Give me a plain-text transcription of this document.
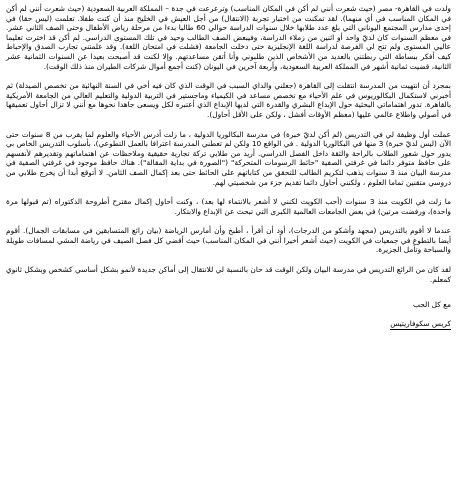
ولدت في القاهرة- مصر (حيث شعرت أنني لم أكن في المكان المناسب) وترعرعت في جدة – المملكة العربية السعودية (حيث شعرت أنني لم أكن في المكان المناسب في أي منهما). لقد تمكنت من اختبار تجربة (الانتقال) من أجل العيش في الخليج منذ أن كنت طفلا. تعلمت (ليس حقا) في إحدى مدارس المجتمع اليوناني التي بلغ عدد طلابها خلال سنوات الدراسة حوالي 60 طالبا بدءا من مرحلة رياض الأطفال وحتى الصف الثاني عشر. في معظم السنوات كان لديّ واحد أو اثنين من زملاء الدراسة، وفيبعض الصف الطالب وحيد في تلك المستوى الدراسي. لم أكن قد اخترت تعليما عاليي المستوى ولم تتح لي الفرصة لدراسة اللغة الإنجليزية حتى دخلت الجامعة (فشلت في امتحان اللغة). وقد علمتني تجارب الصدق والإحباط كيف أفكر ببساطة التي ربطتني بالعديد من الأشخاص الذين طلبوني وأنا أتقن مساعدتهم. وإلا لكنت قد أصبحت بعيدا عن السنوات الثمانية عشر الثانية، قضيت ثمانية أشهر في المملكة العربية السعودية، وأربعة آخرين في اليونان (كنت أجمع أموال شركات الطيران منذ ذلك الوقت).

بمجرد أن انتهيت من المدرسة انتقلت إلى القاهرة (جعلني والداي السبب في الوقت الذي كان فيه أخي في السنة النهائية من تخصص الصيدلة) ثم أخبرني لاستكمال البكالوريوس في علم الأحياء مع تخصص مساعد في الكيمياء وماجستير في التربية الدولية والتعليم العالي من الجامعة الأمريكية بالقاهرة. تدور اهتماماتي البحثية حول الإبداع البشري والقدرة التي لديها الإبداع الذي أعتبره لكل ويسعى جاهدا نحوها مع أنني لا تزال أحاول تعميقها في أصولي واطلاع عالمي عليها (معظم الأوقات أفشل ، ولكن على الأقل أحاول).

عملت أول وظيفة لي في التدريس (لم أكن لديّ خبرة) في مدرسة البكالوريا الدولية ، ما زلت أدرس الأحياء والعلوم لما يقرب من 8 سنوات حتى الآن (ليس لديّ خبرة) 3 منها في البكالوريا الدولية . في الواقع 10 ولكن لم تعطني المدرسة اعترافا بالعمل التطوعي)، بأسلوب التدريس الخاص بي يدور حول شعور الطلاب بالراحة والثقة داخل الفصل الدراسي. أريد من طلابي تركة تجارية حقيقية وملاحظات عن اهتماماتهم وتقديرهم لأنفسهم على حافظ متوفر دائما في غرفتي الصفية "حائط الرسومات المتحركة" ("الصورة في بداية المقالة"). هناك حافظ موجود في غرفتي الصفية في مدرسة البيان منذ 3 سنوات يذهب لتكريم الطالب للتحقق من كتاباتهم على الحائط حتى بعد إكمال الصف الثامن. لا أتوقع أبدا أن يخرج طلابي من دروسي متقنين تماما العلوم ، ولكنني أحاول دائما تقديم جزء من شخصيتي لهم.

ما زلت في الكويت منذ 3 سنوات (أحب الكويت لكنني لا أشعر بالانتماء لها بعد) ، وكنت أحاول إكمال مقترح أطروحة الدكتوراه (تم قبولها مرة واحدة)، ورفضت مرتين) في بعض الجامعات العالمية الكبرى التي تبحث عن الإبداع والابتكار.

عندما لا أقوم بالتدريس (مجهد وأشكو من الدرجات)، أود أن أقرأ ، أطبخ وأن أمارس الرياضة (بيان رائع المتسابقين في مسابقات الجمال). أقوم أيضا بالتطوع في جمعيات في الكويت (حيث أشعر أخيرا أنني في المكان المناسب) حيث أقضي كل فصل الصيف في رياضة المشي لمسافات طويلة والسباحة وتأمل الجزيرة.

لقد كان من الرائع التدريس في مدرسة البيان ولكن الوقت قد حان بالنسبة لي للانتقال إلى أماكن جديدة لأنمو بشكل أساسي كشخص وبشكل ثانوي كمعلم.

مع كل الحب
كريس سكوفاريتيس
